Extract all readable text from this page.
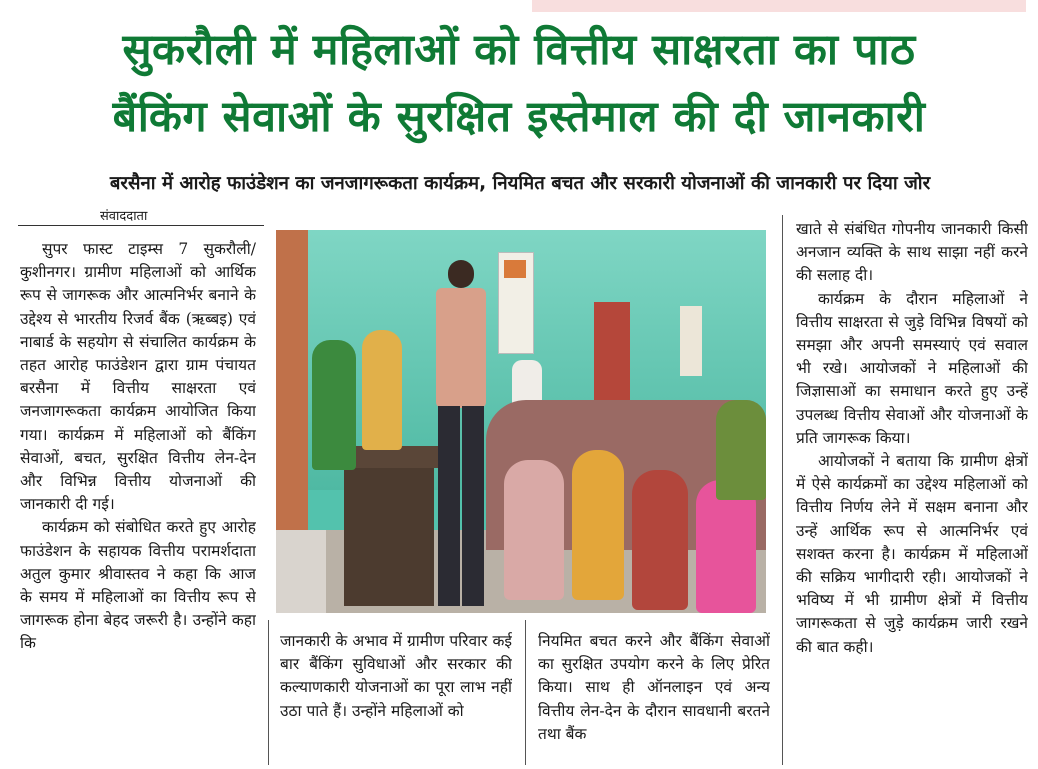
सुकरौली में महिलाओं को वित्तीय साक्षरता का पाठ
बैंकिंग सेवाओं के सुरक्षित इस्तेमाल की दी जानकारी
बरसैना में आरोह फाउंडेशन का जनजागरूकता कार्यक्रम, नियमित बचत और सरकारी योजनाओं की जानकारी पर दिया जोर
संवाददाता

सुपर फास्ट टाइम्स 7 सुकरौली/कुशीनगर। ग्रामीण महिलाओं को आर्थिक रूप से जागरूक और आत्मनिर्भर बनाने के उद्देश्य से भारतीय रिजर्व बैंक (ऋब्बइ) एवं नाबार्ड के सहयोग से संचालित कार्यक्रम के तहत आरोह फाउंडेशन द्वारा ग्राम पंचायत बरसैना में वित्तीय साक्षरता एवं जनजागरूकता कार्यक्रम आयोजित किया गया। कार्यक्रम में महिलाओं को बैंकिंग सेवाओं, बचत, सुरक्षित वित्तीय लेन-देन और विभिन्न वित्तीय योजनाओं की जानकारी दी गई।

कार्यक्रम को संबोधित करते हुए आरोह फाउंडेशन के सहायक वित्तीय परामर्शदाता अतुल कुमार श्रीवास्तव ने कहा कि आज के समय में महिलाओं का वित्तीय रूप से जागरूक होना बेहद जरूरी है। उन्होंने कहा कि	जानकारी के अभाव में ग्रामीण परिवार कई बार बैंकिंग सुविधाओं और सरकार की कल्याणकारी योजनाओं का पूरा लाभ नहीं उठा पाते हैं। उन्होंने महिलाओं को

नियमित बचत करने और बैंकिंग सेवाओं का सुरक्षित उपयोग करने के लिए प्रेरित किया। साथ ही ऑनलाइन एवं अन्य वित्तीय लेन-देन के दौरान सावधानी बरतने तथा बैंक

खाते से संबंधित गोपनीय जानकारी किसी अनजान व्यक्ति के साथ साझा नहीं करने की सलाह दी।

कार्यक्रम के दौरान महिलाओं ने वित्तीय साक्षरता से जुड़े विभिन्न विषयों को समझा और अपनी समस्याएं एवं सवाल भी रखे। आयोजकों ने महिलाओं की जिज्ञासाओं का समाधान करते हुए उन्हें उपलब्ध वित्तीय सेवाओं और योजनाओं के प्रति जागरूक किया।

आयोजकों ने बताया कि ग्रामीण क्षेत्रों में ऐसे कार्यक्रमों का उद्देश्य महिलाओं को वित्तीय निर्णय लेने में सक्षम बनाना और उन्हें आर्थिक रूप से आत्मनिर्भर एवं सशक्त करना है। कार्यक्रम में महिलाओं की सक्रिय भागीदारी रही। आयोजकों ने भविष्य में भी ग्रामीण क्षेत्रों में वित्तीय जागरूकता से जुड़े कार्यक्रम जारी रखने की बात कही।
